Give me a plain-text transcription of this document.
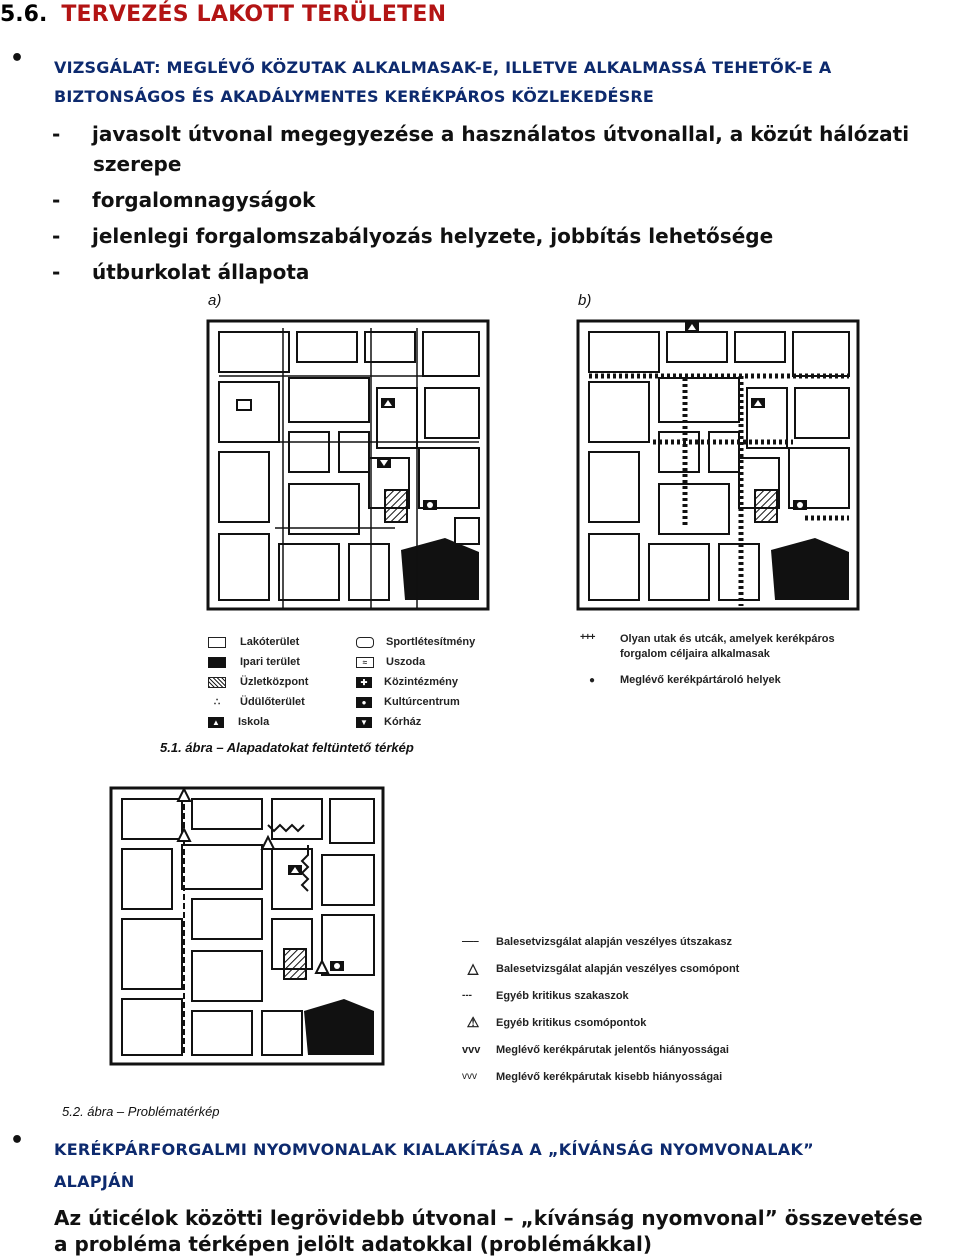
5.6. TERVEZÉS LAKOTT TERÜLETEN
• VIZSGÁLAT: MEGLÉVŐ KÖZUTAK ALKALMASAK-E, ILLETVE ALKALMASSÁ TEHETŐK-E A
BIZTONSÁGOS ÉS AKADÁLYMENTES KERÉKPÁROS KÖZLEKEDÉSRE
- javasolt útvonal megegyezése a használatos útvonallal, a közút hálózati
szerepe
- forgalomnagyságok
- jelenlegi forgalomszabályozás helyzete, jobbítás lehetősége
- útburkolat állapota
a)	b)
Lakóterület
Ipari terület
Üzletközpont
∴	Üdülőterület
▲	Iskola
Sportlétesítmény
≈	Uszoda
✚	Közintézmény
●	Kultúrcentrum
▼	Kórház
+++	Olyan utak és utcák, amelyek kerékpáros
forgalom céljaira alkalmasak
●	Meglévő kerékpártároló helyek
5.1. ábra – Alapadatokat feltüntető térkép
‒‒‒	Balesetvizsgálat alapján veszélyes útszakasz
△	Balesetvizsgálat alapján veszélyes csomópont
‐‑‐	Egyéb kritikus szakaszok
⚠	Egyéb kritikus csomópontok
vvv	Meglévő kerékpárutak jelentős hiányosságai
vvv	Meglévő kerékpárutak kisebb hiányosságai
5.2. ábra – Problématérkép
• KERÉKPÁRFORGALMI NYOMVONALAK KIALAKÍTÁSA A „KÍVÁNSÁG NYOMVONALAK”
ALAPJÁN
Az úticélok közötti legrövidebb útvonal – „kívánság nyomvonal” összevetése
a probléma térképen jelölt adatokkal (problémákkal)
